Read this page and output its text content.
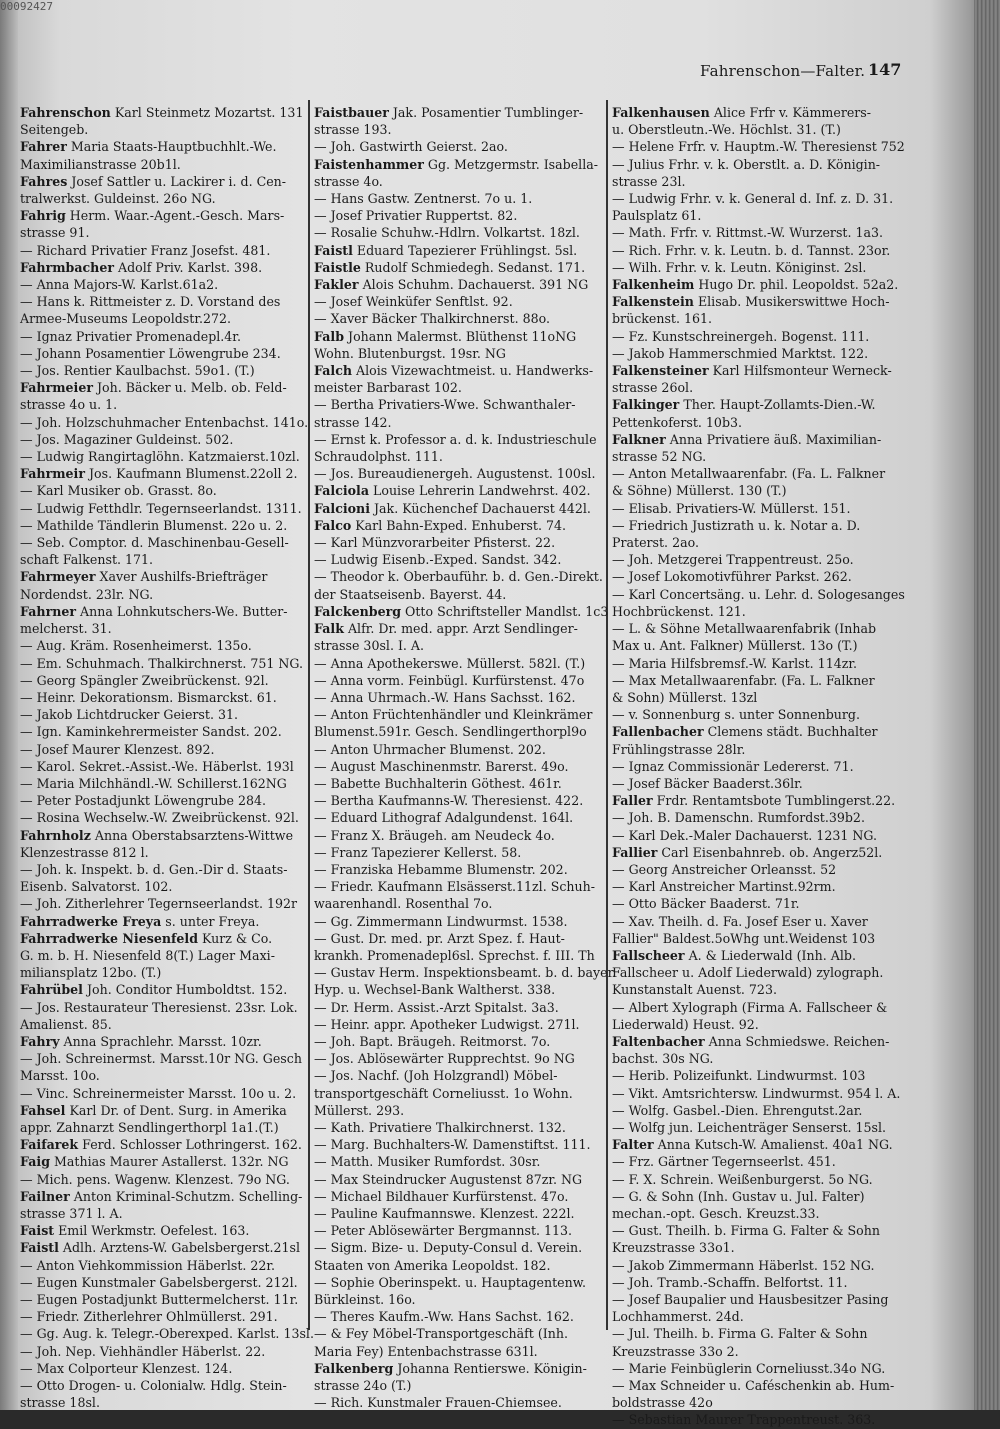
00092427
Fahrenschon—Falter. 147
Fahrenschon Karl Steinmetz Mozartst. 131
Seitengeb.
Fahrer Maria Staats-Hauptbuchhlt.-We.
Maximilianstrasse 20b1l.
Fahres Josef Sattler u. Lackirer i. d. Cen-
tralwerkst. Guldeinst. 26o NG.
Fahrig Herm. Waar.-Agent.-Gesch. Mars-
strasse 91.
— Richard Privatier Franz Josefst. 481.
Fahrmbacher Adolf Priv. Karlst. 398.
— Anna Majors-W. Karlst.61a2.
— Hans k. Rittmeister z. D. Vorstand des
Armee-Museums Leopoldstr.272.
— Ignaz Privatier Promenadepl.4r.
— Johann Posamentier Löwengrube 234.
— Jos. Rentier Kaulbachst. 59o1. (T.)
Fahrmeier Joh. Bäcker u. Melb. ob. Feld-
strasse 4o u. 1.
— Joh. Holzschuhmacher Entenbachst. 141o.
— Jos. Magaziner Guldeinst. 502.
— Ludwig Rangirtaglöhn. Katzmaierst.10zl.
Fahrmeir Jos. Kaufmann Blumenst.22oll 2.
— Karl Musiker ob. Grasst. 8o.
— Ludwig Fetthdlr. Tegernseerlandst. 1311.
— Mathilde Tändlerin Blumenst. 22o u. 2.
— Seb. Comptor. d. Maschinenbau-Gesell-
schaft Falkenst. 171.
Fahrmeyer Xaver Aushilfs-Briefträger
Nordendst. 23lr. NG.
Fahrner Anna Lohnkutschers-We. Butter-
melcherst. 31.
— Aug. Kräm. Rosenheimerst. 135o.
— Em. Schuhmach. Thalkirchnerst. 751 NG.
— Georg Spängler Zweibrückenst. 92l.
— Heinr. Dekorationsm. Bismarckst. 61.
— Jakob Lichtdrucker Geierst. 31.
— Ign. Kaminkehrermeister Sandst. 202.
— Josef Maurer Klenzest. 892.
— Karol. Sekret.-Assist.-We. Häberlst. 193l
— Maria Milchhändl.-W. Schillerst.162NG
— Peter Postadjunkt Löwengrube 284.
— Rosina Wechselw.-W. Zweibrückenst. 92l.
Fahrnholz Anna Oberstabsarztens-Wittwe
Klenzestrasse 812 l.
— Joh. k. Inspekt. b. d. Gen.-Dir d. Staats-
Eisenb. Salvatorst. 102.
— Joh. Zitherlehrer Tegernseerlandst. 192r
Fahrradwerke Freya s. unter Freya.
Fahrradwerke Niesenfeld Kurz & Co.
G. m. b. H. Niesenfeld 8(T.) Lager Maxi-
miliansplatz 12bo. (T.)
Fahrübel Joh. Conditor Humboldtst. 152.
— Jos. Restaurateur Theresienst. 23sr. Lok.
Amalienst. 85.
Fahry Anna Sprachlehr. Marsst. 10zr.
— Joh. Schreinermst. Marsst.10r NG. Gesch
Marsst. 10o.
— Vinc. Schreinermeister Marsst. 10o u. 2.
Fahsel Karl Dr. of Dent. Surg. in Amerika
appr. Zahnarzt Sendlingerthorpl 1a1.(T.)
Faifarek Ferd. Schlosser Lothringerst. 162.
Faig Mathias Maurer Astallerst. 132r. NG
— Mich. pens. Wagenw. Klenzest. 79o NG.
Failner Anton Kriminal-Schutzm. Schelling-
strasse 371 l. A.
Faist Emil Werkmstr. Oefelest. 163.
Faistl Adlh. Arztens-W. Gabelsbergerst.21sl
— Anton Viehkommission Häberlst. 22r.
— Eugen Kunstmaler Gabelsbergerst. 212l.
— Eugen Postadjunkt Buttermelcherst. 11r.
— Friedr. Zitherlehrer Ohlmüllerst. 291.
— Gg. Aug. k. Telegr.-Oberexped. Karlst. 13sl.
— Joh. Nep. Viehhändler Häberlst. 22.
— Max Colporteur Klenzest. 124.
— Otto Drogen- u. Colonialw. Hdlg. Stein-
strasse 18sl.
Faistbauer Jak. Posamentier Tumblinger-
strasse 193.
— Joh. Gastwirth Geierst. 2ao.
Faistenhammer Gg. Metzgermstr. Isabella-
strasse 4o.
— Hans Gastw. Zentnerst. 7o u. 1.
— Josef Privatier Ruppertst. 82.
— Rosalie Schuhw.-Hdlrn. Volkartst. 18zl.
Faistl Eduard Tapezierer Frühlingst. 5sl.
Faistle Rudolf Schmiedegh. Sedanst. 171.
Fakler Alois Schuhm. Dachauerst. 391 NG
— Josef Weinküfer Senftlst. 92.
— Xaver Bäcker Thalkirchnerst. 88o.
Falb Johann Malermst. Blüthenst 11oNG
Wohn. Blutenburgst. 19sr. NG
Falch Alois Vizewachtmeist. u. Handwerks-
meister Barbarast 102.
— Bertha Privatiers-Wwe. Schwanthaler-
strasse 142.
— Ernst k. Professor a. d. k. Industrieschule
Schraudolphst. 111.
— Jos. Bureaudienergeh. Augustenst. 100sl.
Falciola Louise Lehrerin Landwehrst. 402.
Falcioni Jak. Küchenchef Dachauerst 442l.
Falco Karl Bahn-Exped. Enhuberst. 74.
— Karl Münzvorarbeiter Pfisterst. 22.
— Ludwig Eisenb.-Exped. Sandst. 342.
— Theodor k. Oberbauführ. b. d. Gen.-Direkt.
der Staatseisenb. Bayerst. 44.
Falckenberg Otto Schriftsteller Mandlst. 1c3
Falk Alfr. Dr. med. appr. Arzt Sendlinger-
strasse 30sl. I. A.
— Anna Apothekerswe. Müllerst. 582l. (T.)
— Anna vorm. Feinbügl. Kurfürstenst. 47o
— Anna Uhrmach.-W. Hans Sachsst. 162.
— Anton Früchtenhändler und Kleinkrämer
Blumenst.591r. Gesch. Sendlingerthorpl9o
— Anton Uhrmacher Blumenst. 202.
— August Maschinenmstr. Barerst. 49o.
— Babette Buchhalterin Göthest. 461r.
— Bertha Kaufmanns-W. Theresienst. 422.
— Eduard Lithograf Adalgundenst. 164l.
— Franz X. Bräugeh. am Neudeck 4o.
— Franz Tapezierer Kellerst. 58.
— Franziska Hebamme Blumenstr. 202.
— Friedr. Kaufmann Elsässerst.11zl. Schuh-
waarenhandl. Rosenthal 7o.
— Gg. Zimmermann Lindwurmst. 1538.
— Gust. Dr. med. pr. Arzt Spez. f. Haut-
krankh. Promenadepl6sl. Sprechst. f. III. Th
— Gustav Herm. Inspektionsbeamt. b. d. bayer.
Hyp. u. Wechsel-Bank Waltherst. 338.
— Dr. Herm. Assist.-Arzt Spitalst. 3a3.
— Heinr. appr. Apotheker Ludwigst. 271l.
— Joh. Bapt. Bräugeh. Reitmorst. 7o.
— Jos. Ablösewärter Rupprechtst. 9o NG
— Jos. Nachf. (Joh Holzgrandl) Möbel-
transportgeschäft Corneliusst. 1o Wohn.
Müllerst. 293.
— Kath. Privatiere Thalkirchnerst. 132.
— Marg. Buchhalters-W. Damenstiftst. 111.
— Matth. Musiker Rumfordst. 30sr.
— Max Steindrucker Augustenst 87zr. NG
— Michael Bildhauer Kurfürstenst. 47o.
— Pauline Kaufmannswe. Klenzest. 222l.
— Peter Ablösewärter Bergmannst. 113.
— Sigm. Bize- u. Deputy-Consul d. Verein.
Staaten von Amerika Leopoldst. 182.
— Sophie Oberinspekt. u. Hauptagentenw.
Bürkleinst. 16o.
— Theres Kaufm.-Ww. Hans Sachst. 162.
— & Fey Möbel-Transportgeschäft (Inh.
Maria Fey) Entenbachstrasse 631l.
Falkenberg Johanna Rentierswe. Königin-
strasse 24o (T.)
— Rich. Kunstmaler Frauen-Chiemsee.
Falkenhausen Alice Frfr v. Kämmerers-
u. Oberstleutn.-We. Höchlst. 31. (T.)
— Helene Frfr. v. Hauptm.-W. Theresienst 752
— Julius Frhr. v. k. Oberstlt. a. D. Königin-
strasse 23l.
— Ludwig Frhr. v. k. General d. Inf. z. D. 31.
Paulsplatz 61.
— Math. Frfr. v. Rittmst.-W. Wurzerst. 1a3.
— Rich. Frhr. v. k. Leutn. b. d. Tannst. 23or.
— Wilh. Frhr. v. k. Leutn. Königinst. 2sl.
Falkenheim Hugo Dr. phil. Leopoldst. 52a2.
Falkenstein Elisab. Musikerswittwe Hoch-
brückenst. 161.
— Fz. Kunstschreinergeh. Bogenst. 111.
— Jakob Hammerschmied Marktst. 122.
Falkensteiner Karl Hilfsmonteur Werneck-
strasse 26ol.
Falkinger Ther. Haupt-Zollamts-Dien.-W.
Pettenkoferst. 10b3.
Falkner Anna Privatiere äuß. Maximilian-
strasse 52 NG.
— Anton Metallwaarenfabr. (Fa. L. Falkner
& Söhne) Müllerst. 130 (T.)
— Elisab. Privatiers-W. Müllerst. 151.
— Friedrich Justizrath u. k. Notar a. D.
Praterst. 2ao.
— Joh. Metzgerei Trappentreust. 25o.
— Josef Lokomotivführer Parkst. 262.
— Karl Concertsäng. u. Lehr. d. Sologesanges
Hochbrückenst. 121.
— L. & Söhne Metallwaarenfabrik (Inhab
Max u. Ant. Falkner) Müllerst. 13o (T.)
— Maria Hilfsbremsf.-W. Karlst. 114zr.
— Max Metallwaarenfabr. (Fa. L. Falkner
& Sohn) Müllerst. 13zl
— v. Sonnenburg s. unter Sonnenburg.
Fallenbacher Clemens städt. Buchhalter
Frühlingstrasse 28lr.
— Ignaz Commissionär Ledererst. 71.
— Josef Bäcker Baaderst.36lr.
Faller Frdr. Rentamtsbote Tumblingerst.22.
— Joh. B. Damenschn. Rumfordst.39b2.
— Karl Dek.-Maler Dachauerst. 1231 NG.
Fallier Carl Eisenbahnreb. ob. Angerz52l.
— Georg Anstreicher Orleansst. 52
— Karl Anstreicher Martinst.92rm.
— Otto Bäcker Baaderst. 71r.
— Xav. Theilh. d. Fa. Josef Eser u. Xaver
Fallier" Baldest.5oWhg unt.Weidenst 103
Fallscheer A. & Liederwald (Inh. Alb.
Fallscheer u. Adolf Liederwald) zylograph.
Kunstanstalt Auenst. 723.
— Albert Xylograph (Firma A. Fallscheer &
Liederwald) Heust. 92.
Faltenbacher Anna Schmiedswe. Reichen-
bachst. 30s NG.
— Herib. Polizeifunkt. Lindwurmst. 103
— Vikt. Amtsrichtersw. Lindwurmst. 954 l. A.
— Wolfg. Gasbel.-Dien. Ehrengutst.2ar.
— Wolfg jun. Leichenträger Senserst. 15sl.
Falter Anna Kutsch-W. Amalienst. 40a1 NG.
— Frz. Gärtner Tegernseerlst. 451.
— F. X. Schrein. Weißenburgerst. 5o NG.
— G. & Sohn (Inh. Gustav u. Jul. Falter)
mechan.-opt. Gesch. Kreuzst.33.
— Gust. Theilh. b. Firma G. Falter & Sohn
Kreuzstrasse 33o1.
— Jakob Zimmermann Häberlst. 152 NG.
— Joh. Tramb.-Schaffn. Belfortst. 11.
— Josef Baupalier und Hausbesitzer Pasing
Lochhammerst. 24d.
— Jul. Theilh. b. Firma G. Falter & Sohn
Kreuzstrasse 33o 2.
— Marie Feinbüglerin Corneliusst.34o NG.
— Max Schneider u. Caféschenkin ab. Hum-
boldstrasse 42o
— Sebastian Maurer Trappentreust. 363.
